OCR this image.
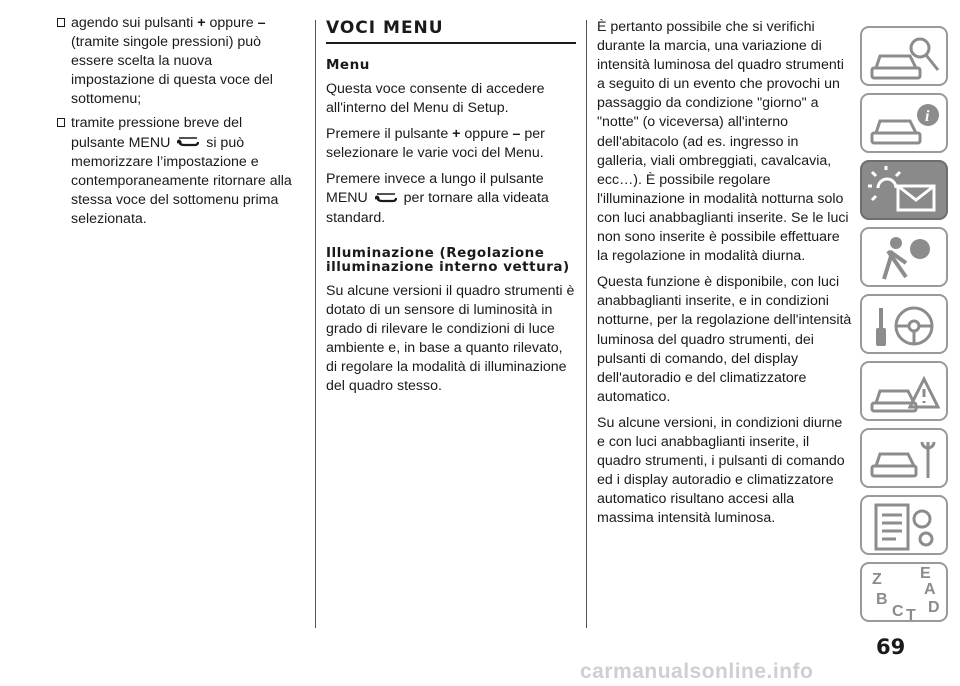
agendo sui pulsanti + oppure – (tramite singole pressioni) può essere scelta la nuova impostazione di questa voce del sottomenu;
tramite pressione breve del pulsante MENU  si può memorizzare l’impostazione e contemporaneamente ritornare alla stessa voce del sottomenu prima selezionata.
VOCI MENU
Menu

Questa voce consente di accedere all'interno del Menu di Setup.

Premere il pulsante + oppure – per selezionare le varie voci del Menu.

Premere invece a lungo il pulsante MENU  per tornare alla videata standard.

Illuminazione (Regolazione illuminazione interno vettura)

Su alcune versioni il quadro strumenti è dotato di un sensore di luminosità in grado di rilevare le condizioni di luce ambiente e, in base a quanto rilevato, di regolare la modalità di illuminazione del quadro stesso.

È pertanto possibile che si verifichi durante la marcia, una variazione di intensità luminosa del quadro strumenti a seguito di un evento che provochi un passaggio da condizione "giorno" a "notte" (o viceversa) all'interno dell'abitacolo (ad es. ingresso in galleria, viali ombreggiati, cavalcavia, ecc…). È possibile regolare l'illuminazione in modalità notturna solo con luci anabbaglianti inserite. Se le luci non sono inserite è possibile effettuare la regolazione in modalità diurna.

Questa funzione è disponibile, con luci anabbaglianti inserite, e in condizioni notturne, per la regolazione dell'intensità luminosa del quadro strumenti, dei pulsanti di comando, del display dell'autoradio e del climatizzatore automatico.

Su alcune versioni, in condizioni diurne e con luci anabbaglianti inserite, il quadro strumenti, i pulsanti di comando ed i display autoradio e climatizzatore automatico risultano accesi alla massima intensità luminosa.

i
Z E
A
B
C T D
69
carmanualsonline.info
